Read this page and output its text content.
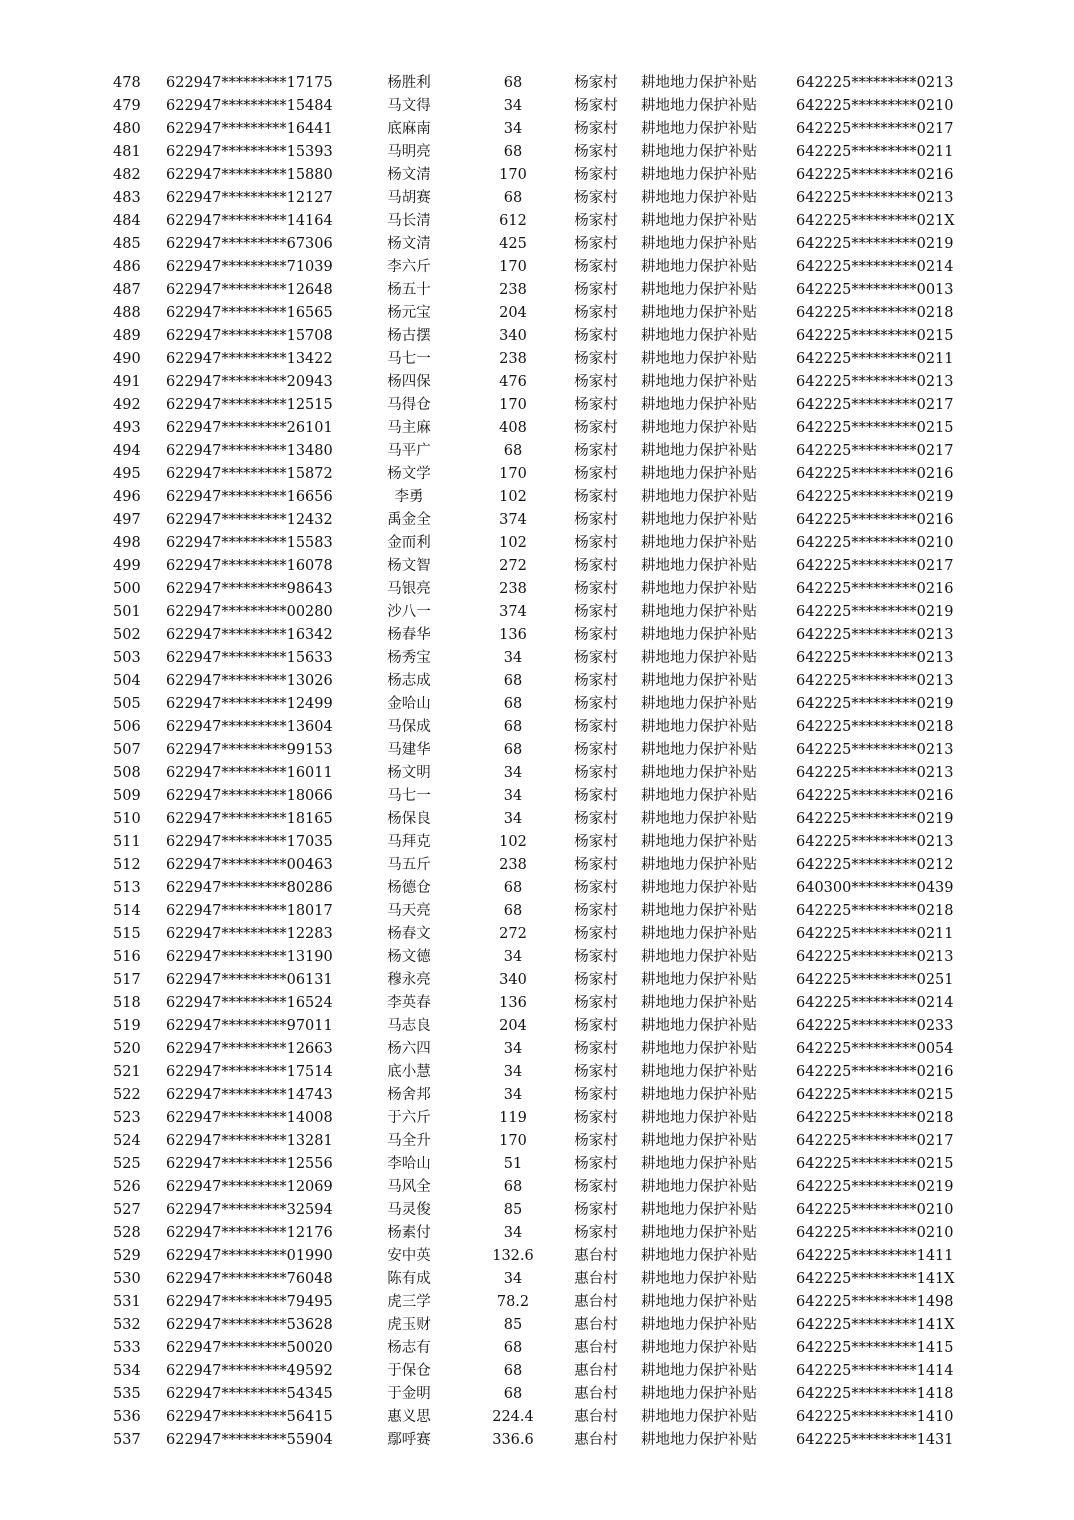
478	622947*********17175	杨胜利	68	杨家村	耕地地力保护补贴	642225*********0213
479	622947*********15484	马文得	34	杨家村	耕地地力保护补贴	642225*********0210
480	622947*********16441	底麻南	34	杨家村	耕地地力保护补贴	642225*********0217
481	622947*********15393	马明亮	68	杨家村	耕地地力保护补贴	642225*********0211
482	622947*********15880	杨文清	170	杨家村	耕地地力保护补贴	642225*********0216
483	622947*********12127	马胡赛	68	杨家村	耕地地力保护补贴	642225*********0213
484	622947*********14164	马长清	612	杨家村	耕地地力保护补贴	642225*********021X
485	622947*********67306	杨文清	425	杨家村	耕地地力保护补贴	642225*********0219
486	622947*********71039	李六斤	170	杨家村	耕地地力保护补贴	642225*********0214
487	622947*********12648	杨五十	238	杨家村	耕地地力保护补贴	642225*********0013
488	622947*********16565	杨元宝	204	杨家村	耕地地力保护补贴	642225*********0218
489	622947*********15708	杨古摆	340	杨家村	耕地地力保护补贴	642225*********0215
490	622947*********13422	马七一	238	杨家村	耕地地力保护补贴	642225*********0211
491	622947*********20943	杨四保	476	杨家村	耕地地力保护补贴	642225*********0213
492	622947*********12515	马得仓	170	杨家村	耕地地力保护补贴	642225*********0217
493	622947*********26101	马主麻	408	杨家村	耕地地力保护补贴	642225*********0215
494	622947*********13480	马平广	68	杨家村	耕地地力保护补贴	642225*********0217
495	622947*********15872	杨文学	170	杨家村	耕地地力保护补贴	642225*********0216
496	622947*********16656	李勇	102	杨家村	耕地地力保护补贴	642225*********0219
497	622947*********12432	禹金全	374	杨家村	耕地地力保护补贴	642225*********0216
498	622947*********15583	金而利	102	杨家村	耕地地力保护补贴	642225*********0210
499	622947*********16078	杨文智	272	杨家村	耕地地力保护补贴	642225*********0217
500	622947*********98643	马银亮	238	杨家村	耕地地力保护补贴	642225*********0216
501	622947*********00280	沙八一	374	杨家村	耕地地力保护补贴	642225*********0219
502	622947*********16342	杨春华	136	杨家村	耕地地力保护补贴	642225*********0213
503	622947*********15633	杨秀宝	34	杨家村	耕地地力保护补贴	642225*********0213
504	622947*********13026	杨志成	68	杨家村	耕地地力保护补贴	642225*********0213
505	622947*********12499	金哈山	68	杨家村	耕地地力保护补贴	642225*********0219
506	622947*********13604	马保成	68	杨家村	耕地地力保护补贴	642225*********0218
507	622947*********99153	马建华	68	杨家村	耕地地力保护补贴	642225*********0213
508	622947*********16011	杨文明	34	杨家村	耕地地力保护补贴	642225*********0213
509	622947*********18066	马七一	34	杨家村	耕地地力保护补贴	642225*********0216
510	622947*********18165	杨保良	34	杨家村	耕地地力保护补贴	642225*********0219
511	622947*********17035	马拜克	102	杨家村	耕地地力保护补贴	642225*********0213
512	622947*********00463	马五斤	238	杨家村	耕地地力保护补贴	642225*********0212
513	622947*********80286	杨德仓	68	杨家村	耕地地力保护补贴	640300*********0439
514	622947*********18017	马天亮	68	杨家村	耕地地力保护补贴	642225*********0218
515	622947*********12283	杨春文	272	杨家村	耕地地力保护补贴	642225*********0211
516	622947*********13190	杨文德	34	杨家村	耕地地力保护补贴	642225*********0213
517	622947*********06131	穆永亮	340	杨家村	耕地地力保护补贴	642225*********0251
518	622947*********16524	李英春	136	杨家村	耕地地力保护补贴	642225*********0214
519	622947*********97011	马志良	204	杨家村	耕地地力保护补贴	642225*********0233
520	622947*********12663	杨六四	34	杨家村	耕地地力保护补贴	642225*********0054
521	622947*********17514	底小慧	34	杨家村	耕地地力保护补贴	642225*********0216
522	622947*********14743	杨舍邦	34	杨家村	耕地地力保护补贴	642225*********0215
523	622947*********14008	于六斤	119	杨家村	耕地地力保护补贴	642225*********0218
524	622947*********13281	马全升	170	杨家村	耕地地力保护补贴	642225*********0217
525	622947*********12556	李哈山	51	杨家村	耕地地力保护补贴	642225*********0215
526	622947*********12069	马风全	68	杨家村	耕地地力保护补贴	642225*********0219
527	622947*********32594	马灵俊	85	杨家村	耕地地力保护补贴	642225*********0210
528	622947*********12176	杨素付	34	杨家村	耕地地力保护补贴	642225*********0210
529	622947*********01990	安中英	132.6	惠台村	耕地地力保护补贴	642225*********1411
530	622947*********76048	陈有成	34	惠台村	耕地地力保护补贴	642225*********141X
531	622947*********79495	虎三学	78.2	惠台村	耕地地力保护补贴	642225*********1498
532	622947*********53628	虎玉财	85	惠台村	耕地地力保护补贴	642225*********141X
533	622947*********50020	杨志有	68	惠台村	耕地地力保护补贴	642225*********1415
534	622947*********49592	于保仓	68	惠台村	耕地地力保护补贴	642225*********1414
535	622947*********54345	于金明	68	惠台村	耕地地力保护补贴	642225*********1418
536	622947*********56415	惠义思	224.4	惠台村	耕地地力保护补贴	642225*********1410
537	622947*********55904	鄢呼赛	336.6	惠台村	耕地地力保护补贴	642225*********1431
